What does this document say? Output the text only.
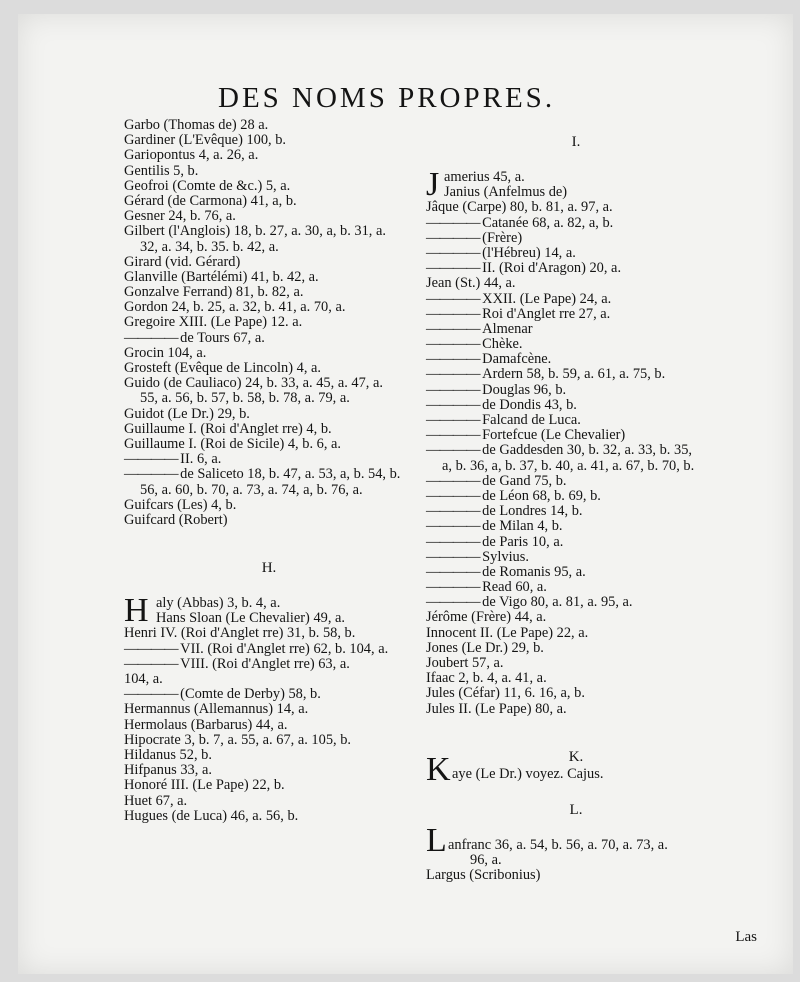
DES NOMS PROPRES.
Garbo (Thomas de) 28 a.
Gardiner (L'Evêque) 100, b.
Gariopontus 4, a. 26, a.
Gentilis 5, b.
Geofroi (Comte de &c.) 5, a.
Gérard (de Carmona) 41, a, b.
Gesner 24, b. 76, a.
Gilbert (l'Anglois) 18, b. 27, a. 30, a, b. 31, a.
32, a. 34, b. 35. b. 42, a.
Girard (vid. Gérard)
Glanville (Bartélémi) 41, b. 42, a.
Gonzalve Ferrand) 81, b. 82, a.
Gordon 24, b. 25, a. 32, b. 41, a. 70, a.
Gregoire XIII. (Le Pape) 12. a.
———— de Tours 67, a.
Grocin 104, a.
Grosteft (Evêque de Lincoln) 4, a.
Guido (de Cauliaco) 24, b. 33, a. 45, a. 47, a.
55, a. 56, b. 57, b. 58, b. 78, a. 79, a.
Guidot (Le Dr.) 29, b.
Guillaume I. (Roi d'Anglet rre) 4, b.
Guillaume I. (Roi de Sicile) 4, b. 6, a.
———— II. 6, a.
———— de Saliceto 18, b. 47, a. 53, a, b. 54, b.
56, a. 60, b. 70, a. 73, a. 74, a, b. 76, a.
Guifcars (Les) 4, b.
Guifcard (Robert)
H.
H aly (Abbas) 3, b. 4, a.
Hans Sloan (Le Chevalier) 49, a.
Henri IV. (Roi d'Anglet rre) 31, b. 58, b.
———— VII. (Roi d'Anglet rre) 62, b. 104, a.
———— VIII. (Roi d'Anglet rre) 63, a.
104, a.
———— (Comte de Derby) 58, b.
Hermannus (Allemannus) 14, a.
Hermolaus (Barbarus) 44, a.
Hipocrate 3, b. 7, a. 55, a. 67, a. 105, b.
Hildanus 52, b.
Hifpanus 33, a.
Honoré III. (Le Pape) 22, b.
Huet 67, a.
Hugues (de Luca) 46, a. 56, b.
I.
J amerius 45, a.
Janius (Anfelmus de)
Jâque (Carpe) 80, b. 81, a. 97, a.
———— Catanée 68, a. 82, a, b.
———— (Frère)
———— (l'Hébreu) 14, a.
———— II. (Roi d'Aragon) 20, a.
Jean (St.) 44, a.
———— XXII. (Le Pape) 24, a.
———— Roi d'Anglet rre 27, a.
———— Almenar
———— Chèke.
———— Damafcène.
———— Ardern 58, b. 59, a. 61, a. 75, b.
———— Douglas 96, b.
———— de Dondis 43, b.
———— Falcand de Luca.
———— Fortefcue (Le Chevalier)
———— de Gaddesden 30, b. 32, a. 33, b. 35,
a, b. 36, a, b. 37, b. 40, a. 41, a. 67, b. 70, b.
———— de Gand 75, b.
———— de Léon 68, b. 69, b.
———— de Londres 14, b.
———— de Milan 4, b.
———— de Paris 10, a.
———— Sylvius.
———— de Romanis 95, a.
———— Read 60, a.
———— de Vigo 80, a. 81, a. 95, a.
Jérôme (Frère) 44, a.
Innocent II. (Le Pape) 22, a.
Jones (Le Dr.) 29, b.
Joubert 57, a.
Ifaac 2, b. 4, a. 41, a.
Jules (Céfar) 11, 6. 16, a, b.
Jules II. (Le Pape) 80, a.
K.
K aye (Le Dr.) voyez. Cajus.
L.
L anfranc 36, a. 54, b. 56, a. 70, a. 73, a.
96, a.
Largus (Scribonius)
Las
